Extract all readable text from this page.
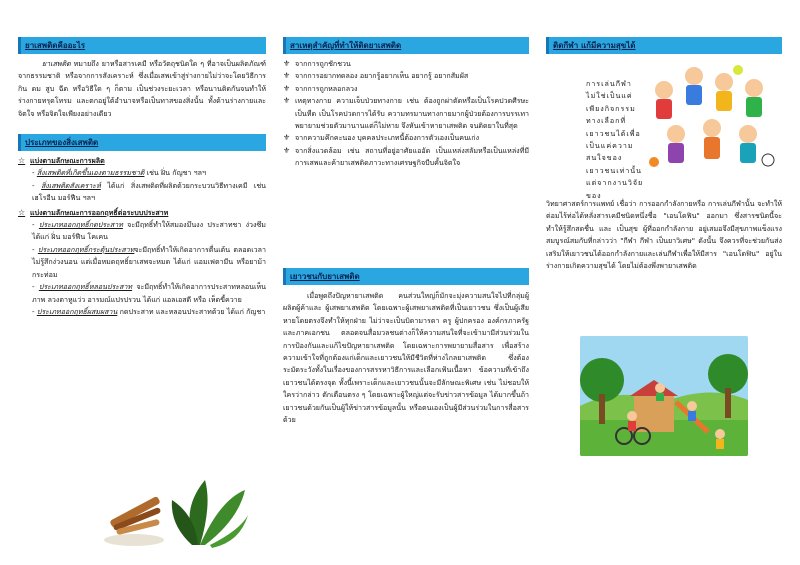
ยาเสพติดคืออะไร

ยาเสพติด หมายถึง ยาหรือสารเคมี หรือวัตถุชนิดใด ๆ ที่อาจเป็นผลิตภัณฑ์จากธรรมชาติ หรือจากการสังเคราะห์ ซึ่งเมื่อเสพเข้าสู่ร่างกายไม่ว่าจะโดยวิธีการกิน ดม สูบ ฉีด หรือวิธีใด ๆ ก็ตาม เป็นช่วงระยะเวลา หรือนานติดกันจนทำให้ร่างกายทรุดโทรม และตกอยู่ใต้อำนาจหรือเป็นทาสของสิ่งนั้น ทั้งด้านร่างกายและจิตใจ หรือจิตใจเพียงอย่างเดียว

ประเภทของสิ่งเสพติด
☆ แบ่งตามลักษณะการผลิต

- สิ่งเสพติดที่เกิดขึ้นเองตามธรรมชาติ เช่น ฝิ่น กัญชา ฯลฯ

- สิ่งเสพติดสังเคราะห์ ได้แก่ สิ่งเสพติดที่ผลิตด้วยกระบวนวิธีทางเคมี เช่น เฮโรอีน มอร์ฟีน ฯลฯ

☆ แบ่งตามลักษณะการออกฤทธิ์ต่อระบบประสาท

- ประเภทออกฤทธิ์กดประสาท จะมีฤทธิ์ทำให้สมองมึนงง ประสาทชา ง่วงซึม ได้แก่ ฝิ่น มอร์ฟีน โคเคน

- ประเภทออกฤทธิ์กระตุ้นประสาทจะมีฤทธิ์ทำให้เกิดอาการตื่นเต้น ตลอดเวลา ไม่รู้สึกง่วงนอน แต่เมื่อหมดฤทธิ์ยาเสพจะหมด ได้แก่ แอมเฟตามีน หรือยาม้า กระท่อม

- ประเภทออกฤทธิ์หลอนประสาท จะมีฤทธิ์ทำให้เกิดอาการประสาทหลอนเห็นภาพ ลวงตาหูแว่ว อารมณ์แปรปรวน ได้แก่ แอลเอสดี หรือ เห็ดขี้ควาย

- ประเภทออกฤทธิ์ผสมผสาน กดประสาท และหลอนประสาทด้วย ได้แก่ กัญชา

สาเหตุสำคัญที่ทำให้ติดยาเสพติด
⚜ จากการถูกชักชวน
⚜ จากการอยากทดลอง อยากรู้อยากเห็น อยากรู้ อยากสัมผัส
⚜ จากการถูกหลอกลวง
⚜ เหตุทางกาย ความเจ็บป่วยทางกาย เช่น ต้องถูกผ่าตัดหรือเป็นโรคปวดศีรษะ เป็นหืด เป็นโรคปวดการได้รับ ความทรมานทางกายมากผู้ป่วยต้องการบรรเทา พยายามช่วยตัวมานานแต่ก็ไม่หาย จึงหันเข้าหายาเสพติด จนติดยาในที่สุด
⚜ จากความคึกคะนอง บุคคลประเภทนี้ต้องการตัวเองเป็นคนเก่ง
⚜ จากสิ่งแวดล้อม เช่น สถานที่อยู่อาศัยแออัด เป็นแหล่งสลัมหรือเป็นแหล่งที่มีการเสพและค้ายาเสพติดภาวะทางเศรษฐกิจบีบคั้นจิตใจ
เยาวชนกับยาเสพติด

เมื่อพูดถึงปัญหายาเสพติด คนส่วนใหญ่ก็มักจะมุ่งความสนใจไปที่กลุ่มผู้ผลิตผู้ค้าและ ผู้เสพยาเสพติด โดยเฉพาะผู้เสพยาเสพติดที่เป็นเยาวชน ซึ่งเป็นผู้เสียหายโดยตรงจึงทำให้ทุกฝ่าย ไม่ว่าจะเป็นบิดามารดา ครู ผู้ปกครอง องค์กรภาครัฐ และภาคเอกชน ตลอดจนสื่อมวลชนต่างก็ให้ความสนใจที่จะเข้ามามีส่วนร่วมในการป้องกันและแก้ไขปัญหายาเสพติด โดยเฉพาะการพยายามสื่อสาร เพื่อสร้างความเข้าใจที่ถูกต้องแก่เด็กและเยาวชนให้มีชีวิตที่ห่างไกลยาเสพติด ซึ่งต้องระมัดระวังทั้งในเรื่องของการสรรหาวิธีการและเลือกเฟ้นเนื้อหา ข้อความที่เข้าถึงเยาวชนได้ตรงจุด ทั้งนี้เพราะเด็กและเยาวชนนั้นจะมีลักษณะพิเศษ เช่น ไม่ชอบให้ใครว่ากล่าว ตักเตือนตรง ๆ โดยเฉพาะผู้ใหญ่แต่จะรับข่าวสารข้อมูล ได้มากขึ้นถ้าเยาวชนด้วยกันเป็นผู้ให้ข่าวสารข้อมูลนั้น หรือตนเองเป็นผู้มีส่วนร่วมในการสื่อสารด้วย

ติดกีฬา แก้มีความสุขได้

การเล่นกีฬา ไม่ใช่เป็นแค่เพียงกิจกรรมทางเลือกที่เยาวชนได้เพื่อเป็นแค่ความสนใจของเยาวชนเท่านั้น แต่จากงานวิจัยของ

วิทยาศาสตร์การแพทย์ เชื่อว่า การออกกำลังกายหรือ การเล่นกีฬานั้น จะทำให้ต่อมไร้ท่อได้หลั่งสารเคมีชนิดหนึ่งชื่อ "เอนโดฟิน" ออกมา ซึ่งสารชนิดนี้จะทำให้รู้สึกสดชื่น และ เป็นสุข ผู้ที่ออกกำลังกาย อยู่เสมอจึงมีสุขภาพแข็งแรง สมบูรณ์สมกับที่กล่าวว่า "กีฬา กีฬา เป็นยาวิเศษ" ดังนั้น จึงควรที่จะช่วยกันส่งเสริมให้เยาวชนได้ออกกำลังกายและเล่นกีฬาเพื่อให้มีสาร "เอนโดฟิน" อยู่ในร่างกายเกิดความสุขได้ โดยไม่ต้องพึ่งพายาเสพติด
